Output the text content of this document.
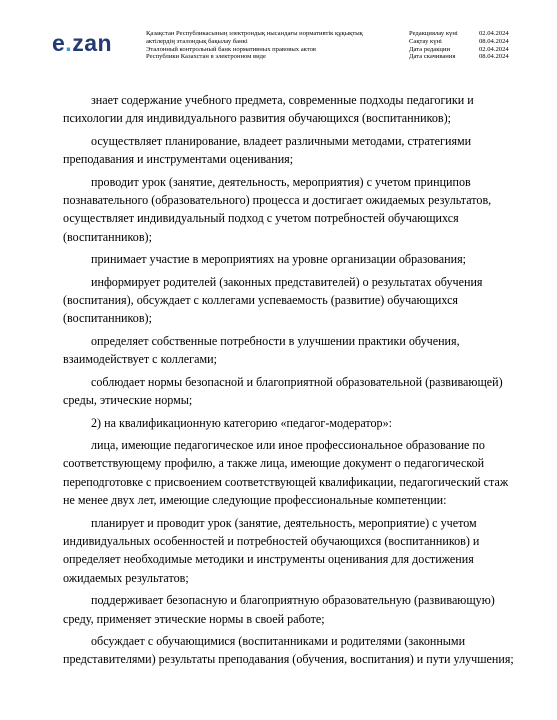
e.zan	Қазақстан Республикасының электрондық нысандағы нормативтік құқықтық
актілердің эталондық бақылау банкі
Эталонный контрольный банк нормативных правовых актов
Республики Казахстан в электронном виде
Редакциялау күні	02.04.2024
Сақтау күні	08.04.2024
Дата редакции	02.04.2024
Дата скачивания	08.04.2024

знает содержание учебного предмета, современные подходы педагогики и психологии для индивидуального развития обучающихся (воспитанников);

осуществляет планирование, владеет различными методами, стратегиями преподавания и инструментами оценивания;

проводит урок (занятие, деятельность, мероприятия) с учетом принципов познавательного (образовательного) процесса и достигает ожидаемых результатов, осуществляет индивидуальный подход с учетом потребностей обучающихся (воспитанников);

принимает участие в мероприятиях на уровне организации образования;

информирует родителей (законных представителей) о результатах обучения (воспитания), обсуждает с коллегами успеваемость (развитие) обучающихся (воспитанников);

определяет собственные потребности в улучшении практики обучения, взаимодействует с коллегами;

соблюдает нормы безопасной и благоприятной образовательной (развивающей) среды, этические нормы;

2) на квалификационную категорию «педагог-модератор»:

лица, имеющие педагогическое или иное профессиональное образование по соответствующему профилю, а также лица, имеющие документ о педагогической переподготовке с присвоением соответствующей квалификации, педагогический стаж не менее двух лет, имеющие следующие профессиональные компетенции:

планирует и проводит урок (занятие, деятельность, мероприятие) с учетом индивидуальных особенностей и потребностей обучающихся (воспитанников) и определяет необходимые методики и инструменты оценивания для достижения ожидаемых результатов;

поддерживает безопасную и благоприятную образовательную (развивающую) среду, применяет этические нормы в своей работе;

обсуждает с обучающимися (воспитанниками и родителями (законными представителями) результаты преподавания (обучения, воспитания) и пути улучшения;
